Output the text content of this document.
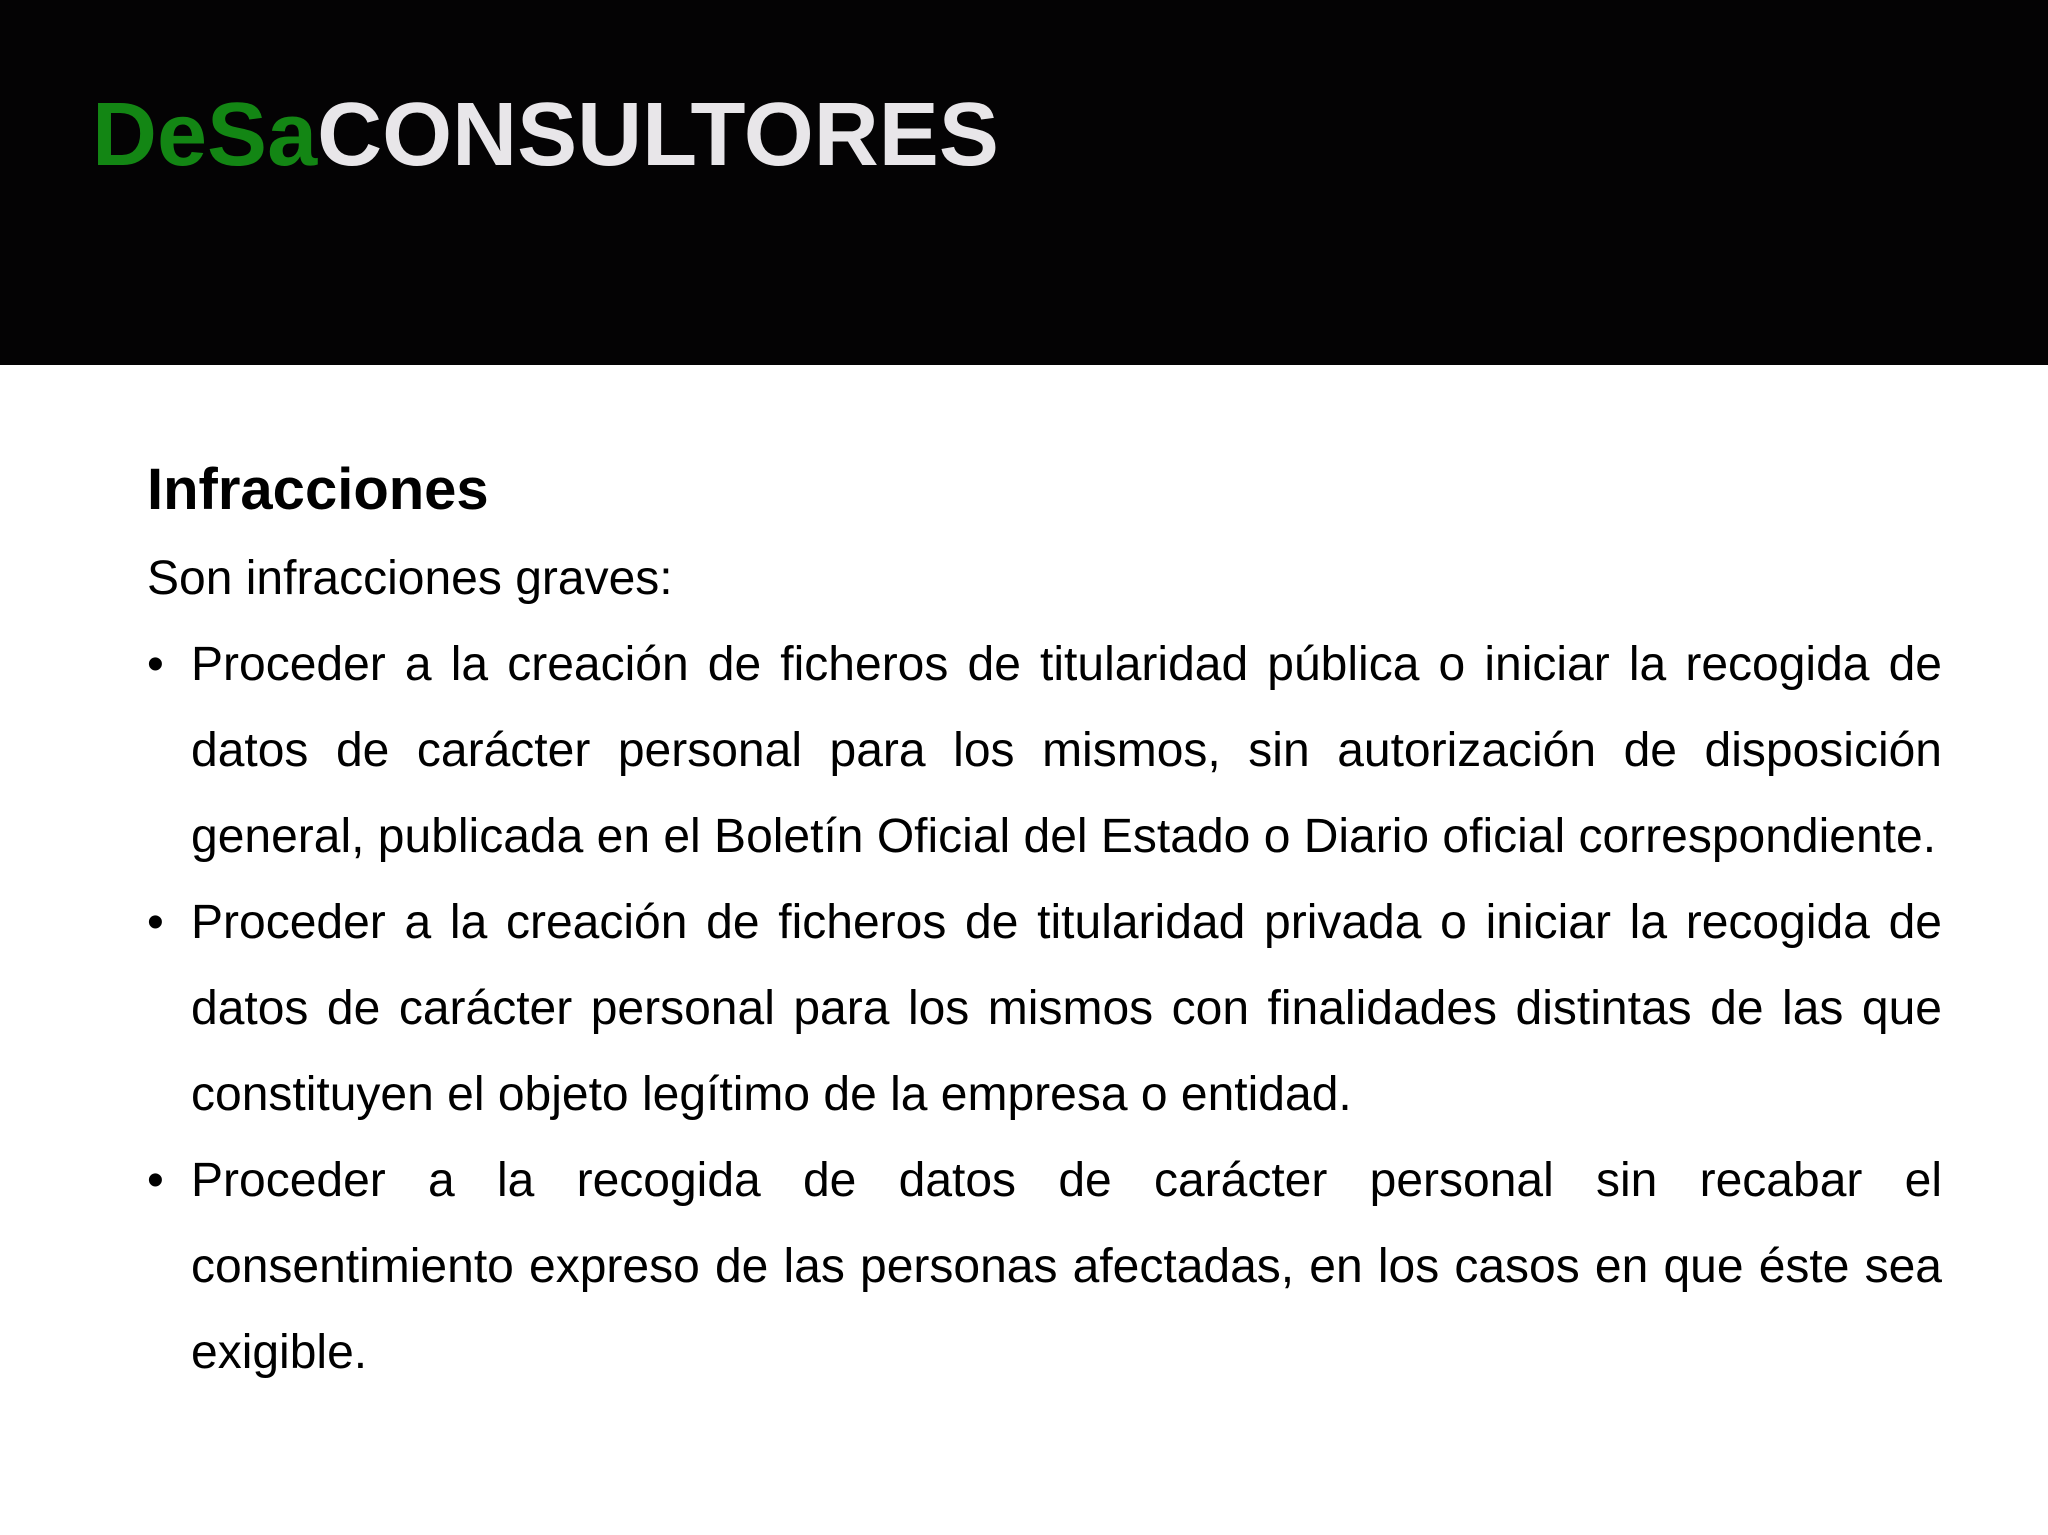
DeSaCONSULTORES
Infracciones

Son infracciones graves:

• Proceder a la creación de ficheros de titularidad pública o iniciar la recogida de datos de carácter personal para los mismos, sin autorización de disposición general, publicada en el Boletín Oficial del Estado o Diario oficial correspondiente.
• Proceder a la creación de ficheros de titularidad privada o iniciar la recogida de datos de carácter personal para los mismos con finalidades distintas de las que constituyen el objeto legítimo de la empresa o entidad.
• Proceder a la recogida de datos de carácter personal sin recabar el consentimiento expreso de las personas afectadas, en los casos en que éste sea exigible.
